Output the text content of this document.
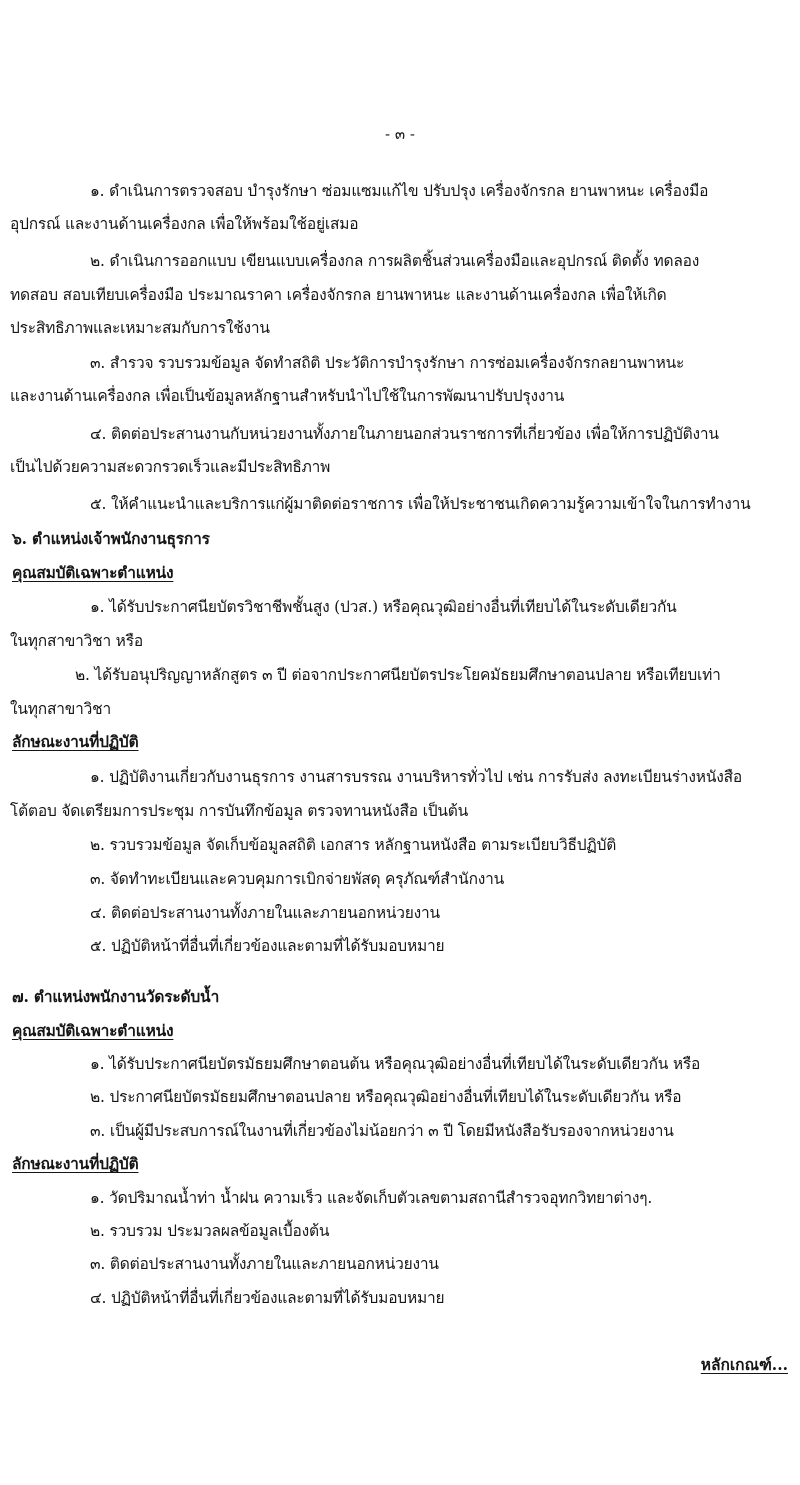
- ๓ -
๑. ดำเนินการตรวจสอบ บำรุงรักษา ซ่อมแซมแก้ไข ปรับปรุง เครื่องจักรกล ยานพาหนะ เครื่องมือ
อุปกรณ์ และงานด้านเครื่องกล เพื่อให้พร้อมใช้อยู่เสมอ
๒. ดำเนินการออกแบบ เขียนแบบเครื่องกล การผลิตชิ้นส่วนเครื่องมือและอุปกรณ์ ติดตั้ง ทดลอง
ทดสอบ สอบเทียบเครื่องมือ ประมาณราคา เครื่องจักรกล ยานพาหนะ และงานด้านเครื่องกล เพื่อให้เกิด
ประสิทธิภาพและเหมาะสมกับการใช้งาน
๓. สำรวจ รวบรวมข้อมูล จัดทำสถิติ ประวัติการบำรุงรักษา การซ่อมเครื่องจักรกลยานพาหนะ
และงานด้านเครื่องกล เพื่อเป็นข้อมูลหลักฐานสำหรับนำไปใช้ในการพัฒนาปรับปรุงงาน
๔. ติดต่อประสานงานกับหน่วยงานทั้งภายในภายนอกส่วนราชการที่เกี่ยวข้อง เพื่อให้การปฏิบัติงาน
เป็นไปด้วยความสะดวกรวดเร็วและมีประสิทธิภาพ
๕. ให้คำแนะนำและบริการแก่ผู้มาติดต่อราชการ เพื่อให้ประชาชนเกิดความรู้ความเข้าใจในการทำงาน
๖. ตำแหน่งเจ้าพนักงานธุรการ
คุณสมบัติเฉพาะตำแหน่ง
๑. ได้รับประกาศนียบัตรวิชาชีพชั้นสูง (ปวส.) หรือคุณวุฒิอย่างอื่นที่เทียบได้ในระดับเดียวกัน
ในทุกสาขาวิชา หรือ
๒. ได้รับอนุปริญญาหลักสูตร ๓ ปี ต่อจากประกาศนียบัตรประโยคมัธยมศึกษาตอนปลาย หรือเทียบเท่า
ในทุกสาขาวิชา
ลักษณะงานที่ปฏิบัติ
๑. ปฏิบัติงานเกี่ยวกับงานธุรการ งานสารบรรณ งานบริหารทั่วไป เช่น การรับส่ง ลงทะเบียนร่างหนังสือ
โต้ตอบ จัดเตรียมการประชุม การบันทึกข้อมูล ตรวจทานหนังสือ เป็นต้น
๒. รวบรวมข้อมูล จัดเก็บข้อมูลสถิติ เอกสาร หลักฐานหนังสือ ตามระเบียบวิธีปฏิบัติ
๓. จัดทำทะเบียนและควบคุมการเบิกจ่ายพัสดุ ครุภัณฑ์สำนักงาน
๔. ติดต่อประสานงานทั้งภายในและภายนอกหน่วยงาน
๕. ปฏิบัติหน้าที่อื่นที่เกี่ยวข้องและตามที่ได้รับมอบหมาย
๗. ตำแหน่งพนักงานวัดระดับน้ำ
คุณสมบัติเฉพาะตำแหน่ง
๑. ได้รับประกาศนียบัตรมัธยมศึกษาตอนต้น หรือคุณวุฒิอย่างอื่นที่เทียบได้ในระดับเดียวกัน หรือ
๒. ประกาศนียบัตรมัธยมศึกษาตอนปลาย หรือคุณวุฒิอย่างอื่นที่เทียบได้ในระดับเดียวกัน หรือ
๓. เป็นผู้มีประสบการณ์ในงานที่เกี่ยวข้องไม่น้อยกว่า ๓ ปี โดยมีหนังสือรับรองจากหน่วยงาน
ลักษณะงานที่ปฏิบัติ
๑. วัดปริมาณน้ำท่า น้ำฝน ความเร็ว และจัดเก็บตัวเลขตามสถานีสำรวจอุทกวิทยาต่างๆ.
๒. รวบรวม ประมวลผลข้อมูลเบื้องต้น
๓. ติดต่อประสานงานทั้งภายในและภายนอกหน่วยงาน
๔. ปฏิบัติหน้าที่อื่นที่เกี่ยวข้องและตามที่ได้รับมอบหมาย
หลักเกณฑ์...
